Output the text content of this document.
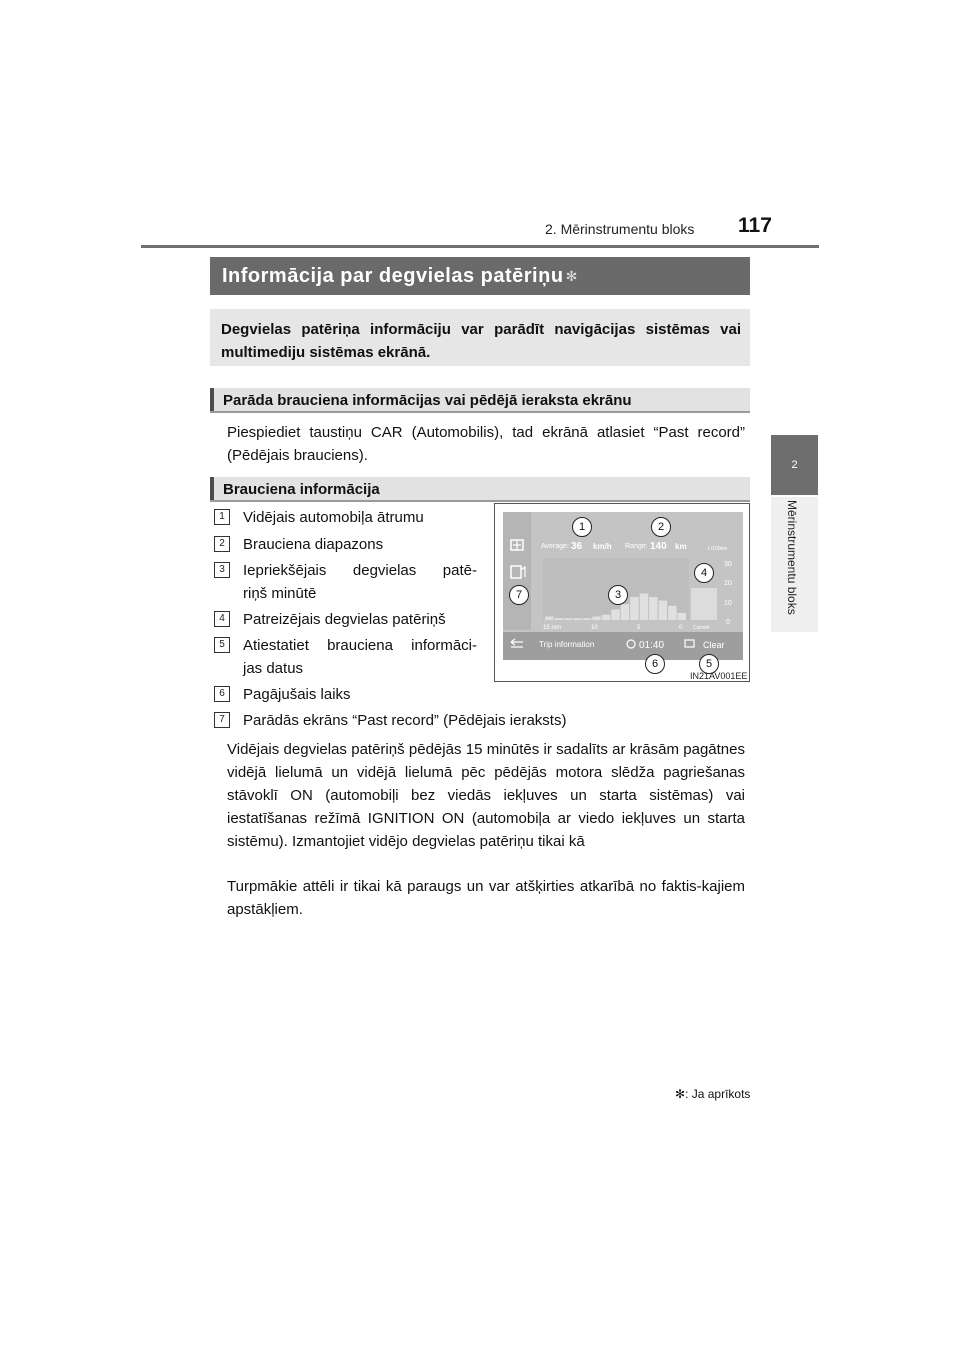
2. Mērinstrumentu bloks 117
2
Mērinstrumentu bloks
Informācija par degvielas patēriņu ✻
Degvielas patēriņa informāciju var parādīt navigācijas sistēmas vai multimediju sistēmas ekrānā.
Parāda brauciena informācijas vai pēdējā ieraksta ekrānu
Piespiediet taustiņu CAR (Automobilis), tad ekrānā atlasiet “Past record” (Pēdējais brauciens).
Brauciena informācija
1	Vidējais automobiļa ātrumu
2	Brauciena diapazons
3	Iepriekšējais degvielas patē-
riņš minūtē
4	Patreizējais degvielas patēriņš
5	Atiestatiet brauciena informāci-
jas datus
6	Pagājušais laiks
7	Parādās ekrāns “Past record” (Pēdējais ieraksts)
Vidējais degvielas patēriņš pēdējās 15 minūtēs ir sadalīts ar krāsām pagātnes vidējā lielumā un vidējā lielumā pēc pēdējās motora slēdža pagriešanas stāvoklī ON (automobiļi bez viedās iekļuves un starta sistēmas) vai iestatīšanas režīmā IGNITION ON (automobiļa ar viedo iekļuves un starta sistēmu). Izmantojiet vidējo degvielas patēriņu tikai kā
Turpmākie attēli ir tikai kā paraugs un var atšķirties atkarībā no faktis-kajiem apstākļiem.
Average: 36 km/h Range: 140 km	L/100km
30
20
10
0
15 min	10	5	0 Current
Trip information	01:40	Clear
1	2
3
4
5
6
7
IN21AV001EE
✻: Ja aprīkots
